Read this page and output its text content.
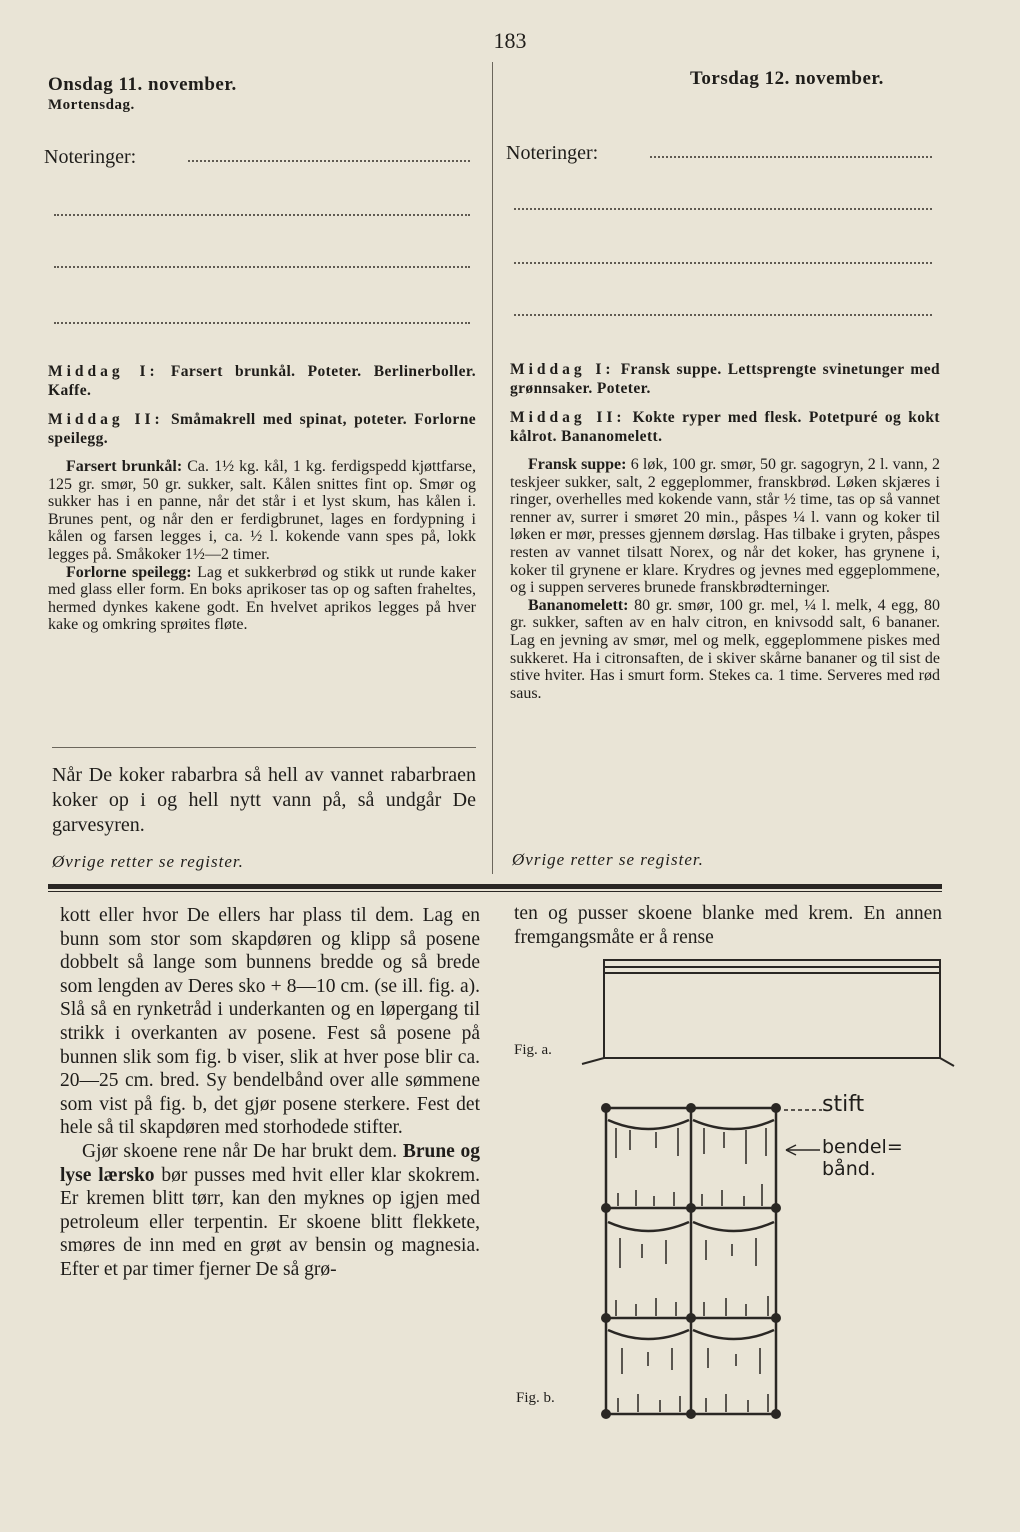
183
Onsdag 11. november.
Mortensdag.
Torsdag 12. november.
Noteringer:	Noteringer:

Middag I: Farsert brunkål. Poteter. Berlinerboller. Kaffe.

Middag II: Småmakrell med spinat, poteter. Forlorne speilegg.

Farsert brunkål: Ca. 1½ kg. kål, 1 kg. ferdigspedd kjøttfarse, 125 gr. smør, 50 gr. sukker, salt. Kålen snittes fint op. Smør og sukker has i en panne, når det står i et lyst skum, has kålen i. Brunes pent, og når den er ferdigbrunet, lages en fordypning i kålen og farsen legges i, ca. ½ l. kokende vann spes på, lokk legges på. Småkoker 1½—2 timer.

Forlorne speilegg: Lag et sukkerbrød og stikk ut runde kaker med glass eller form. En boks aprikoser tas op og saften fraheltes, hermed dynkes kakene godt. En hvelvet aprikos legges på hver kake og omkring sprøites fløte.

Når De koker rabarbra så hell av vannet rabarbraen koker op i og hell nytt vann på, så undgår De garvesyren.
Øvrige retter se register.

Middag I: Fransk suppe. Lettsprengte svinetunger med grønnsaker. Poteter.

Middag II: Kokte ryper med flesk. Potetpuré og kokt kålrot. Bananomelett.

Fransk suppe: 6 løk, 100 gr. smør, 50 gr. sagogryn, 2 l. vann, 2 teskjeer sukker, salt, 2 eggeplommer, franskbrød. Løken skjæres i ringer, overhelles med kokende vann, står ½ time, tas op så vannet renner av, surrer i smøret 20 min., påspes ¼ l. vann og koker til løken er mør, presses gjennem dørslag. Has tilbake i gryten, påspes resten av vannet tilsatt Norex, og når det koker, has grynene i, koker til grynene er klare. Krydres og jevnes med eggeplommene, og i suppen serveres brunede franskbrødterninger.

Bananomelett: 80 gr. smør, 100 gr. mel, ¼ l. melk, 4 egg, 80 gr. sukker, saften av en halv citron, en knivsodd salt, 6 bananer. Lag en jevning av smør, mel og melk, eggeplommene piskes med sukkeret. Ha i citronsaften, de i skiver skårne bananer og til sist de stive hviter. Has i smurt form. Stekes ca. 1 time. Serveres med rød saus.

Øvrige retter se register.

kott eller hvor De ellers har plass til dem. Lag en bunn som stor som skapdøren og klipp så posene dobbelt så lange som bunnens bredde og så brede som lengden av Deres sko + 8—10 cm. (se ill. fig. a). Slå så en rynketråd i underkanten og en løpergang til strikk i overkanten av posene. Fest så posene på bunnen slik som fig. b viser, slik at hver pose blir ca. 20—25 cm. bred. Sy bendelbånd over alle sømmene som vist på fig. b, det gjør posene sterkere. Fest det hele så til skapdøren med storhodede stifter.

Gjør skoene rene når De har brukt dem. Brune og lyse lærsko bør pusses med hvit eller klar skokrem. Er kremen blitt tørr, kan den myknes op igjen med petroleum eller terpentin. Er skoene blitt flekkete, smøres de inn med en grøt av bensin og magnesia. Efter et par timer fjerner De så grø-

ten og pusser skoene blanke med krem. En annen fremgangsmåte er å rense
Fig. a.
Fig. b.
stift
bendel=
bånd.
